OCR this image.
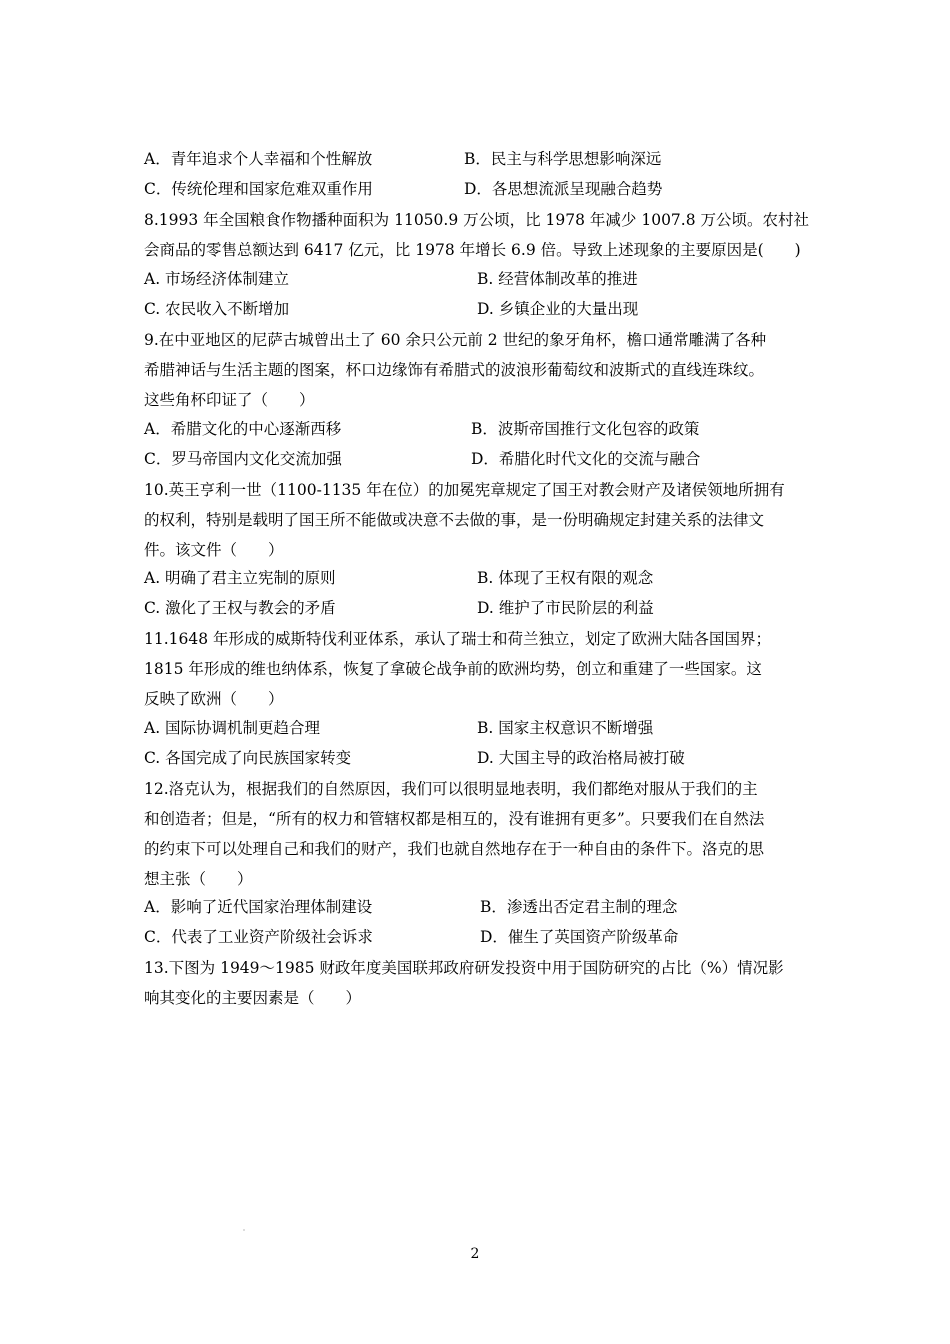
A．青年追求个人幸福和个性解放	B．民主与科学思想影响深远
C．传统伦理和国家危难双重作用	D．各思想流派呈现融合趋势
8.1993 年全国粮食作物播种面积为 11050.9 万公顷，比 1978 年减少 1007.8 万公顷。农村社
会商品的零售总额达到 6417 亿元，比 1978 年增长 6.9 倍。导致上述现象的主要原因是(　　)
A. 市场经济体制建立	B. 经营体制改革的推进
C. 农民收入不断增加	D. 乡镇企业的大量出现
9.在中亚地区的尼萨古城曾出土了 60 余只公元前 2 世纪的象牙角杯，檐口通常雕满了各种
希腊神话与生活主题的图案，杯口边缘饰有希腊式的波浪形葡萄纹和波斯式的直线连珠纹。
这些角杯印证了（　　）
A．希腊文化的中心逐渐西移	B．波斯帝国推行文化包容的政策
C．罗马帝国内文化交流加强	D．希腊化时代文化的交流与融合
10.英王亨利一世（1100-1135 年在位）的加冕宪章规定了国王对教会财产及诸侯领地所拥有
的权利，特别是载明了国王所不能做或决意不去做的事，是一份明确规定封建关系的法律文
件。该文件（　　）
A. 明确了君主立宪制的原则	B. 体现了王权有限的观念
C. 激化了王权与教会的矛盾	D. 维护了市民阶层的利益
11.1648 年形成的威斯特伐利亚体系，承认了瑞士和荷兰独立，划定了欧洲大陆各国国界；
1815 年形成的维也纳体系，恢复了拿破仑战争前的欧洲均势，创立和重建了一些国家。这
反映了欧洲（　　）
A. 国际协调机制更趋合理	B. 国家主权意识不断增强
C. 各国完成了向民族国家转变	D. 大国主导的政治格局被打破
12.洛克认为，根据我们的自然原因，我们可以很明显地表明，我们都绝对服从于我们的主
和创造者；但是，“所有的权力和管辖权都是相互的，没有谁拥有更多”。只要我们在自然法
的约束下可以处理自己和我们的财产，我们也就自然地存在于一种自由的条件下。洛克的思
想主张（　　）
A．影响了近代国家治理体制建设	B．渗透出否定君主制的理念
C．代表了工业资产阶级社会诉求	D．催生了英国资产阶级革命
13.下图为 1949～1985 财政年度美国联邦政府研发投资中用于国防研究的占比（%）情况影
响其变化的主要因素是（　　）
2
